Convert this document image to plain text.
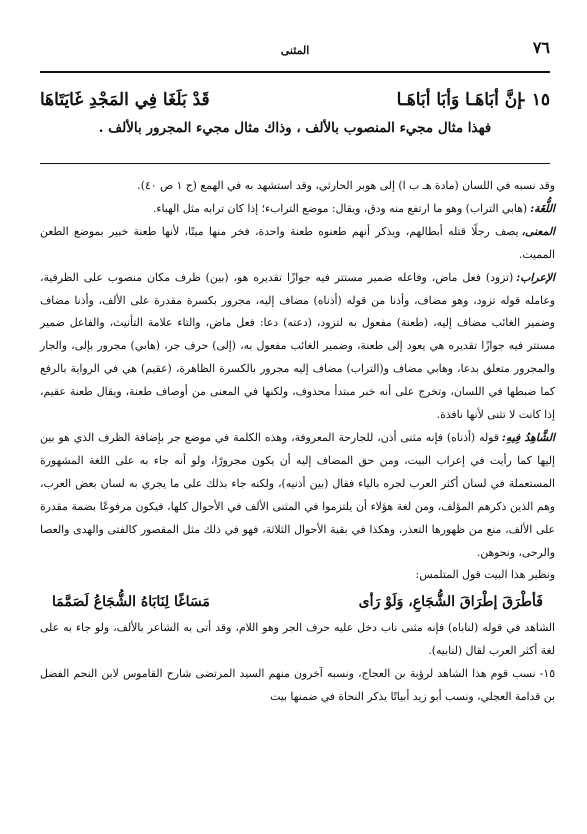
٧٦
المثنى
١٥ -
إنَّ أبَاهَـا وَأبَا أبَاهَـا
قَدْ بَلَغَا فِي المَجْدِ غَايَتَاهَا
فهذا مثال مجيء المنصوب بالألف ، وذاك مثال مجيء المجرور بالألف .

وقد نسبه في اللسان (مادة هـ ب ا) إلى هوبر الحارثي، وقد استشهد به في الهمع (ج ١ ص ٤٠).

اللُّغَة:(هابي التراب) وهو ما ارتفع منه ودق، ويقال: موضع الترابء؛ إذا كان ترابه مثل الهباء.

المعنى،يصف رجلًا قتله أبطالهم، ويذكر أنهم طعنوه طعنة واحدة، فخر منها ميتًا، لأنها طعنة خبير بموضع الطعن المميت.

الإعراب:(تزود) فعل ماض، وفاعله ضمير مستتر فيه جوازًا تقديره هو، (بين) ظرف مكان منصوب على الظرفية، وعامله قوله تزود، وهو مضاف، وأذنا من قوله (أذناه) مضاف إليه، مجرور بكسرة مقدرة على الألف، وأذنا مضاف وضمير الغائب مضاف إليه، (طعنة) مفعول به لتزود، (دعته) دعا: فعل ماض، والتاء علامة التأنيث، والفاعل ضمير مستتر فيه جوازًا تقديره هي يعود إلى طعنة، وضمير الغائب مفعول به، (إلى) حرف جر، (هابي) مجرور بإلى، والجار والمجرور متعلق بدعا، وهابي مضاف و(التراب) مضاف إليه مجرور بالكسرة الظاهرة، (عقيم) هي في الرواية بالرفع كما ضبطها في اللسان، وتخرج على أنه خبر مبتدأ محذوف، ولكنها في المعنى من أوصاف طعنة، ويقال طعنة عقيم، إذا كانت لا تثنى لأنها نافذة.

الشَّاهِدُ فِيهِ:قوله (أذناه) فإنه مثنى أذن، للجارحة المعروفة، وهذه الكلمة في موضع جر بإضافة الظرف الذي هو بين إليها كما رأيت في إعراب البيت، ومن حق المضاف إليه أن يكون مجرورًا، ولو أنه جاء به على اللغة المشهورة المستعملة في لسان أكثر العرب لجره بالياء فقال (بين أذنيه)، ولكنه جاء بذلك على ما يجري به لسان بعض العرب، وهم الذين ذكرهم المؤلف، ومن لغة هؤلاء أن يلتزموا في المثنى الألف في الأحوال كلها، فيكون مرفوعًا بضمة مقدرة على الألف، منع من ظهورها التعذر، وهكذا في بقية الأحوال الثلاثة، فهو في ذلك مثل المقصور كالفتى والهدى والعصا والرحى، ونحوهن.

ونظير هذا البيت قول المتلمس:

فَأطْرَقَ إطْرَاقَ الشُّجَاعِ، وَلَوْ رَأى
مَسَاغًا لِنَابَاهُ الشُّجَاعُ لَصَمَّمَا

الشاهد في قوله (لناباه) فإنه مثنى ناب دخل عليه حرف الجر وهو اللام، وقد أتى به الشاعر بالألف، ولو جاء به على لغة أكثر العرب لقال (لنابيه).

١٥- نسب قوم هذا الشاهد لرؤبة بن العجاج، ونسبه آخرون منهم السيد المرتضى شارح القاموس لابن النجم الفضل بن قدامة العجلي، ونسب أبو زيد أبياتًا يذكر النحاة في ضمنها بيت
